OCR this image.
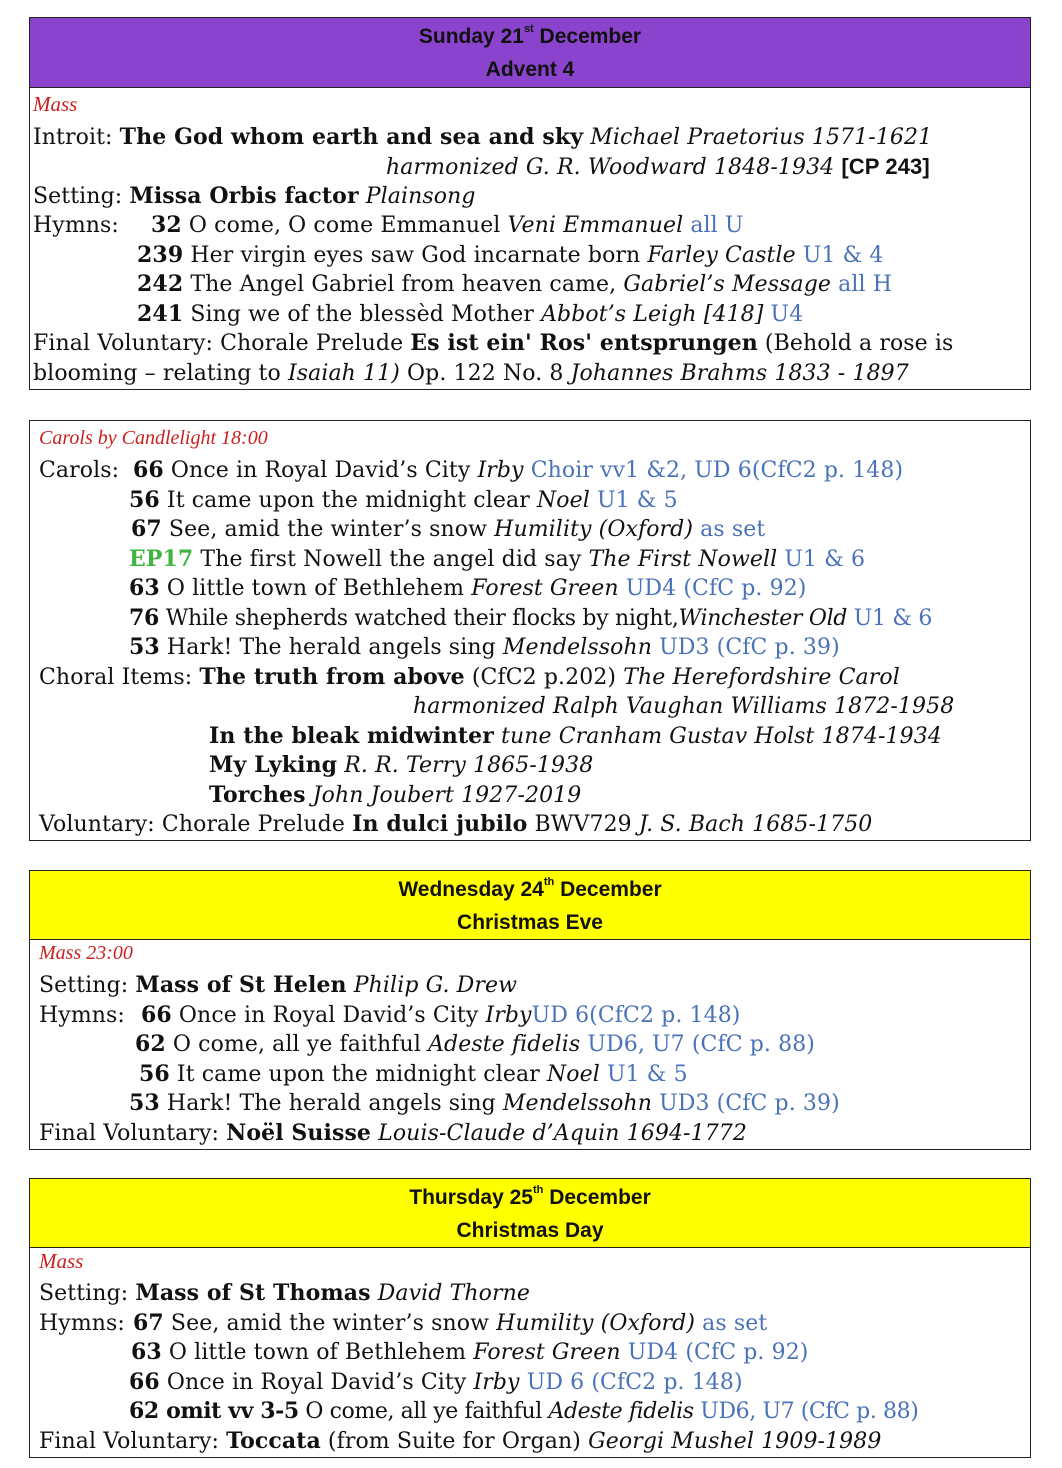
Sunday 21st December
Advent 4
Mass
Introit: The God whom earth and sea and sky Michael Praetorius 1571-1621
harmonized G. R. Woodward 1848-1934 [CP 243]
Setting: Missa Orbis factor Plainsong
Hymns: 32 O come, O come Emmanuel Veni Emmanuel all U
239 Her virgin eyes saw God incarnate born Farley Castle U1 & 4
242 The Angel Gabriel from heaven came, Gabriel’s Message all H
241 Sing we of the blessèd Mother Abbot’s Leigh [418] U4
Final Voluntary: Chorale Prelude Es ist ein' Ros' entsprungen (Behold a rose is
blooming – relating to Isaiah 11) Op. 122 No. 8 Johannes Brahms 1833 - 1897
Carols by Candlelight 18:00
Carols: 66 Once in Royal David’s City Irby Choir vv1 &2, UD 6(CfC2 p. 148)
56 It came upon the midnight clear Noel U1 & 5
67 See, amid the winter’s snow Humility (Oxford) as set
EP17 The first Nowell the angel did say The First Nowell U1 & 6
63 O little town of Bethlehem Forest Green UD4 (CfC p. 92)
76 While shepherds watched their flocks by night,Winchester Old U1 & 6
53 Hark! The herald angels sing Mendelssohn UD3 (CfC p. 39)
Choral Items: The truth from above (CfC2 p.202) The Herefordshire Carol
harmonized Ralph Vaughan Williams 1872-1958
In the bleak midwinter tune Cranham Gustav Holst 1874-1934
My Lyking R. R. Terry 1865-1938
Torches John Joubert 1927-2019
Voluntary: Chorale Prelude In dulci jubilo BWV729 J. S. Bach 1685-1750
Wednesday 24th December
Christmas Eve
Mass 23:00
Setting: Mass of St Helen Philip G. Drew
Hymns: 66 Once in Royal David’s City IrbyUD 6(CfC2 p. 148)
62 O come, all ye faithful Adeste fidelis UD6, U7 (CfC p. 88)
56 It came upon the midnight clear Noel U1 & 5
53 Hark! The herald angels sing Mendelssohn UD3 (CfC p. 39)
Final Voluntary: Noël Suisse Louis-Claude d’Aquin 1694-1772
Thursday 25th December
Christmas Day
Mass
Setting: Mass of St Thomas David Thorne
Hymns: 67 See, amid the winter’s snow Humility (Oxford) as set
63 O little town of Bethlehem Forest Green UD4 (CfC p. 92)
66 Once in Royal David’s City Irby UD 6 (CfC2 p. 148)
62 omit vv 3-5 O come, all ye faithful Adeste fidelis UD6, U7 (CfC p. 88)
Final Voluntary: Toccata (from Suite for Organ) Georgi Mushel 1909-1989
